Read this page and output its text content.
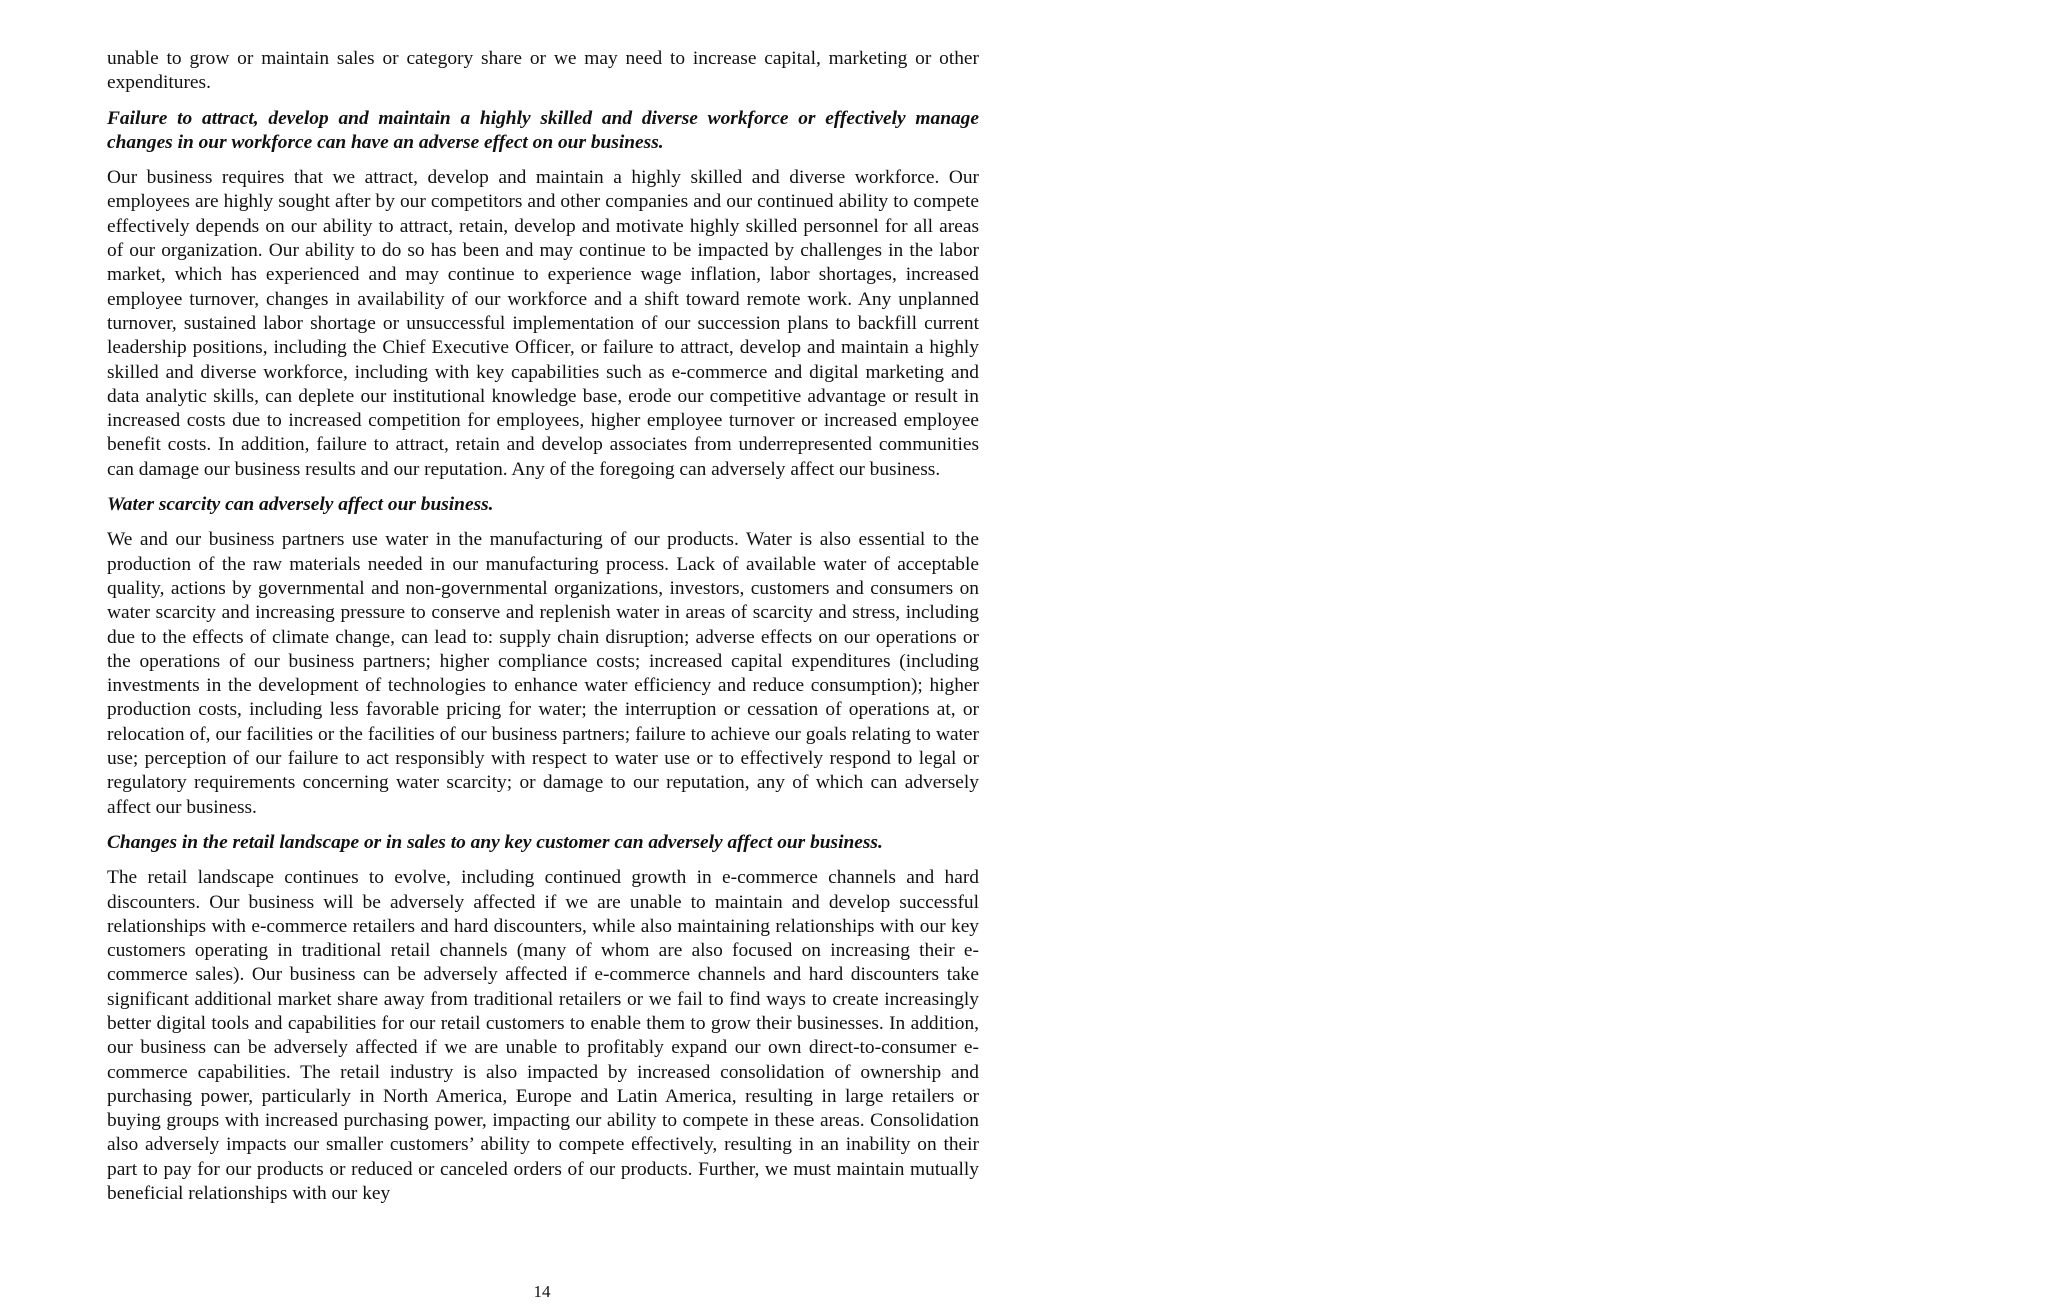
unable to grow or maintain sales or category share or we may need to increase capital, marketing or other expenditures.

Failure to attract, develop and maintain a highly skilled and diverse workforce or effectively manage changes in our workforce can have an adverse effect on our business.

Our business requires that we attract, develop and maintain a highly skilled and diverse workforce. Our employees are highly sought after by our competitors and other companies and our continued ability to compete effectively depends on our ability to attract, retain, develop and motivate highly skilled personnel for all areas of our organization. Our ability to do so has been and may continue to be impacted by challenges in the labor market, which has experienced and may continue to experience wage inflation, labor shortages, increased employee turnover, changes in availability of our workforce and a shift toward remote work. Any unplanned turnover, sustained labor shortage or unsuccessful implementation of our succession plans to backfill current leadership positions, including the Chief Executive Officer, or failure to attract, develop and maintain a highly skilled and diverse workforce, including with key capabilities such as e-commerce and digital marketing and data analytic skills, can deplete our institutional knowledge base, erode our competitive advantage or result in increased costs due to increased competition for employees, higher employee turnover or increased employee benefit costs. In addition, failure to attract, retain and develop associates from underrepresented communities can damage our business results and our reputation. Any of the foregoing can adversely affect our business.

Water scarcity can adversely affect our business.

We and our business partners use water in the manufacturing of our products. Water is also essential to the production of the raw materials needed in our manufacturing process. Lack of available water of acceptable quality, actions by governmental and non-governmental organizations, investors, customers and consumers on water scarcity and increasing pressure to conserve and replenish water in areas of scarcity and stress, including due to the effects of climate change, can lead to: supply chain disruption; adverse effects on our operations or the operations of our business partners; higher compliance costs; increased capital expenditures (including investments in the development of technologies to enhance water efficiency and reduce consumption); higher production costs, including less favorable pricing for water; the interruption or cessation of operations at, or relocation of, our facilities or the facilities of our business partners; failure to achieve our goals relating to water use; perception of our failure to act responsibly with respect to water use or to effectively respond to legal or regulatory requirements concerning water scarcity; or damage to our reputation, any of which can adversely affect our business.

Changes in the retail landscape or in sales to any key customer can adversely affect our business.

The retail landscape continues to evolve, including continued growth in e-commerce channels and hard discounters. Our business will be adversely affected if we are unable to maintain and develop successful relationships with e-commerce retailers and hard discounters, while also maintaining relationships with our key customers operating in traditional retail channels (many of whom are also focused on increasing their e-commerce sales). Our business can be adversely affected if e-commerce channels and hard discounters take significant additional market share away from traditional retailers or we fail to find ways to create increasingly better digital tools and capabilities for our retail customers to enable them to grow their businesses. In addition, our business can be adversely affected if we are unable to profitably expand our own direct-to-consumer e-commerce capabilities. The retail industry is also impacted by increased consolidation of ownership and purchasing power, particularly in North America, Europe and Latin America, resulting in large retailers or buying groups with increased purchasing power, impacting our ability to compete in these areas. Consolidation also adversely impacts our smaller customers’ ability to compete effectively, resulting in an inability on their part to pay for our products or reduced or canceled orders of our products. Further, we must maintain mutually beneficial relationships with our key

14
